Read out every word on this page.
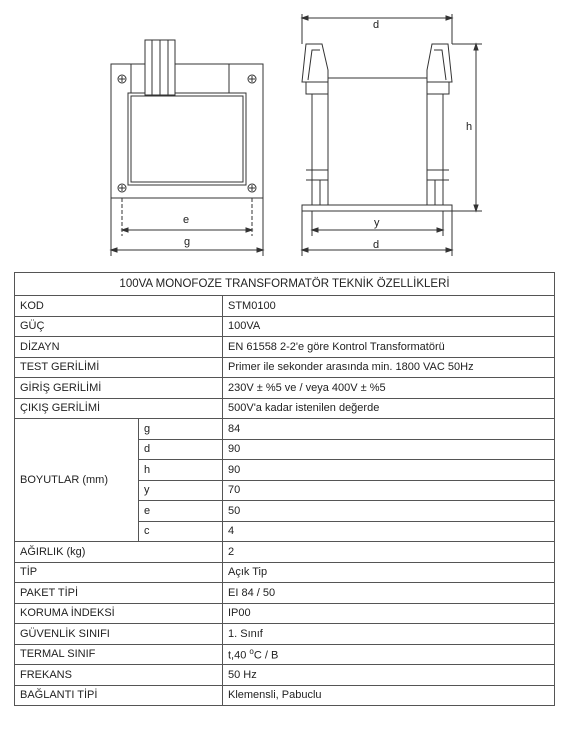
e
g
d
h
y
d
100VA MONOFOZE TRANSFORMATÖR TEKNİK ÖZELLİKLERİ		
KOD		STM0100
GÜÇ		100VA
DİZAYN		EN 61558 2-2'e göre Kontrol Transformatörü
TEST GERİLİMİ		Primer ile sekonder arasında min. 1800 VAC 50Hz
GİRİŞ GERİLİMİ		230V ± %5 ve / veya 400V ± %5
ÇIKIŞ GERİLİMİ		500V'a kadar istenilen değerde
BOYUTLAR (mm)	g	84
	d	90
	h	90
	y	70
	e	50
	c	4
AĞIRLIK (kg)		2
TİP		Açık Tip
PAKET TİPİ		EI 84 / 50
KORUMA İNDEKSİ		IP00
GÜVENLİK SINIFI		1. Sınıf
TERMAL SINIF		t,40 $^o$C / B
FREKANS		50 Hz
BAĞLANTI TİPİ		Klemensli, Pabuclu
